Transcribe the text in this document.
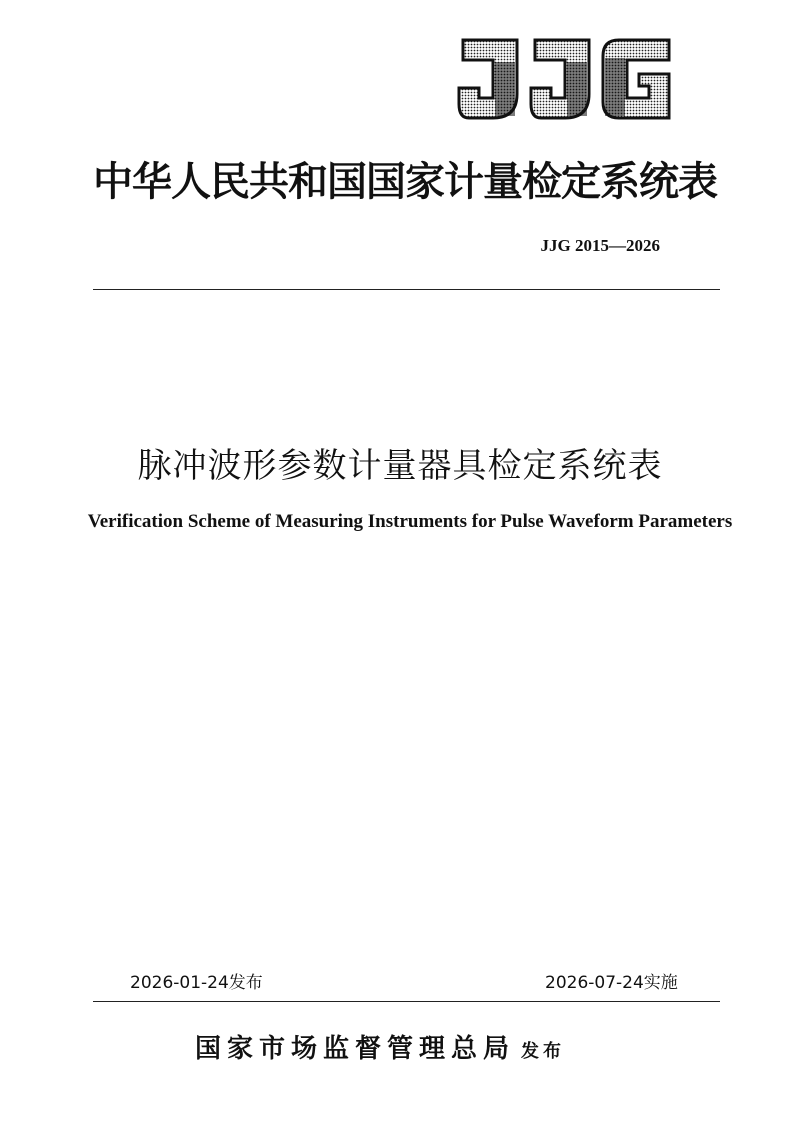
中华人民共和国国家计量检定系统表
JJG 2015—2026
脉冲波形参数计量器具检定系统表
Verification Scheme of Measuring Instruments for Pulse Waveform Parameters
2026-01-24发布	2026-07-24实施
国家市场监督管理总局 发布
